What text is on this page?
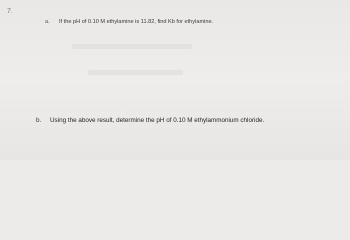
7.
a. If the pH of 0.10 M ethylamine is 11.82, find Kb for ethylamine.
b. Using the above result, determine the pH of 0.10 M ethylammonium chloride.
